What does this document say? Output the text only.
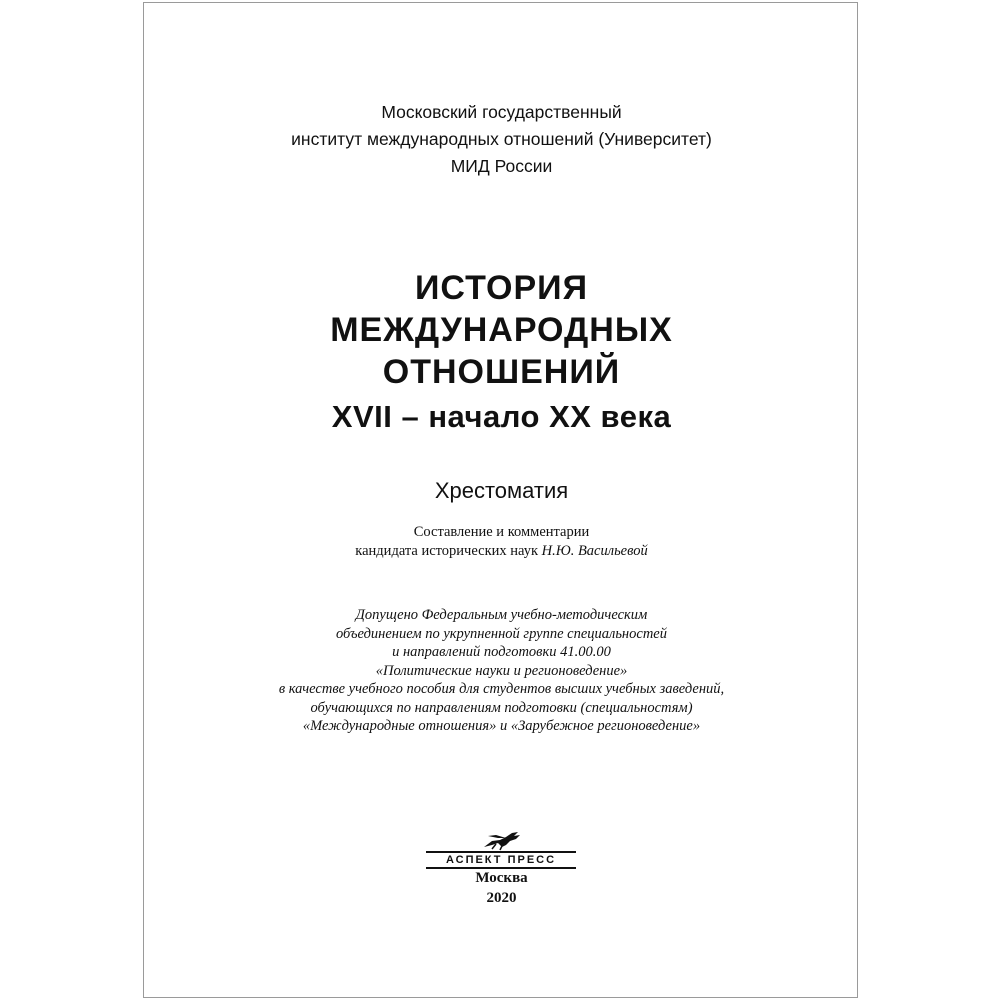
Московский государственный
институт международных отношений (Университет)
МИД России
ИСТОРИЯ
МЕЖДУНАРОДНЫХ
ОТНОШЕНИЙ
XVII – начало XX века
Хрестоматия
Составление и комментарии
кандидата исторических наук Н.Ю. Васильевой
Допущено Федеральным учебно-методическим
объединением по укрупненной группе специальностей
и направлений подготовки 41.00.00
«Политические науки и регионоведение»
в качестве учебного пособия для студентов высших учебных заведений,
обучающихся по направлениям подготовки (специальностям)
«Международные отношения» и «Зарубежное регионоведение»
АСПЕКТ ПРЕСС
Москва
2020
